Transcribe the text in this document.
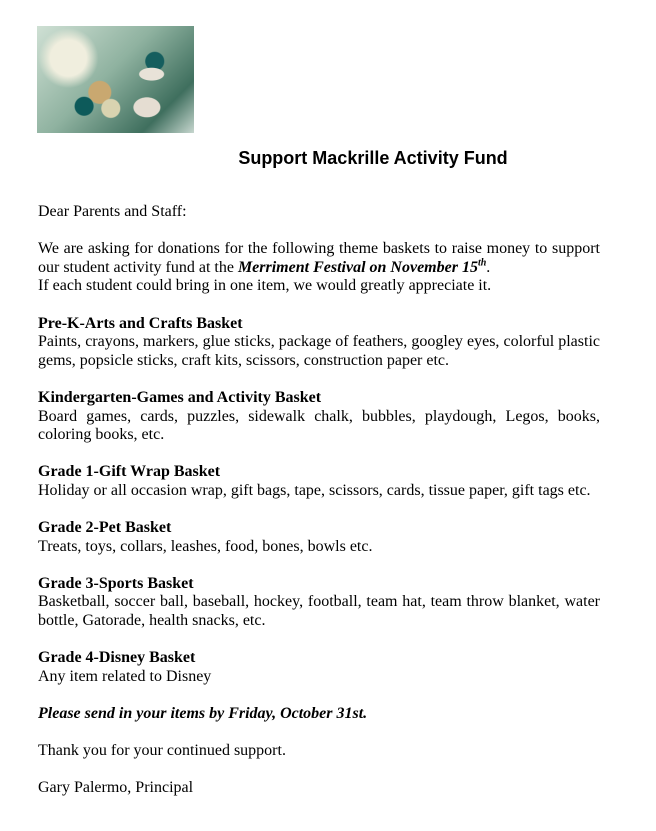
Support Mackrille Activity Fund

Dear Parents and Staff:

We are asking for donations for the following theme baskets to raise money to support our student activity fund at the Merriment Festival on November 15th.
If each student could bring in one item, we would greatly appreciate it.

Pre-K-Arts and Crafts Basket
Paints, crayons, markers, glue sticks, package of feathers, googley eyes, colorful plastic gems, popsicle sticks, craft kits, scissors, construction paper etc.

Kindergarten-Games and Activity Basket
Board games, cards, puzzles, sidewalk chalk, bubbles, playdough, Legos, books, coloring books, etc.

Grade 1-Gift Wrap Basket
Holiday or all occasion wrap, gift bags, tape, scissors, cards, tissue paper, gift tags etc.

Grade 2-Pet Basket
Treats, toys, collars, leashes, food, bones, bowls etc.

Grade 3-Sports Basket
Basketball, soccer ball, baseball, hockey, football, team hat, team throw blanket, water bottle, Gatorade, health snacks, etc.

Grade 4-Disney Basket
Any item related to Disney

Please send in your items by Friday, October 31st.

Thank you for your continued support.

Gary Palermo, Principal
